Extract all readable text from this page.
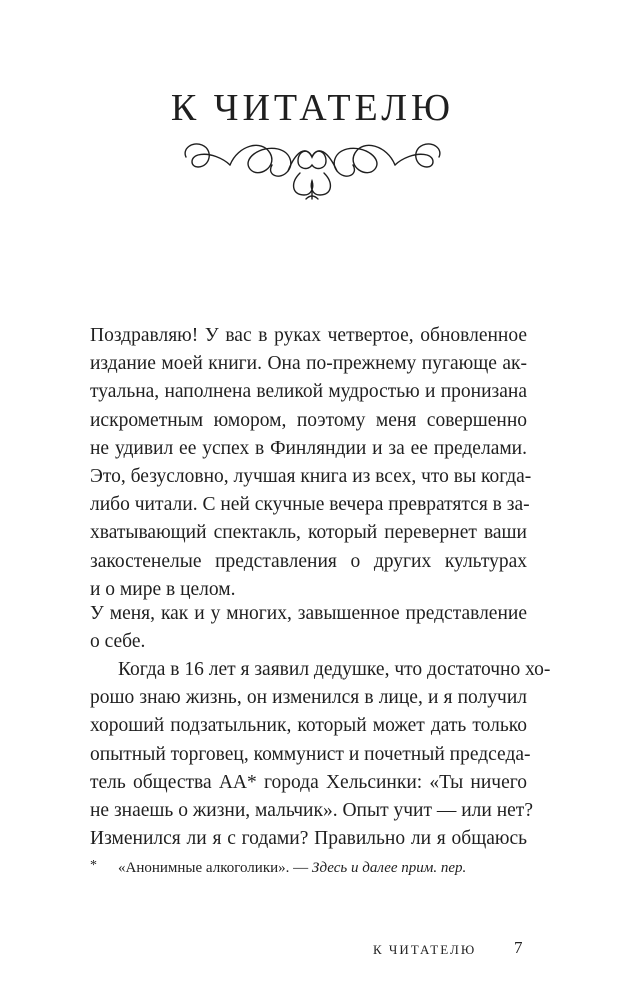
К ЧИТАТЕЛЮ
Поздравляю! У вас в руках четвертое, обновленное
издание моей книги. Она по-прежнему пугающе ак-
туальна, наполнена великой мудростью и пронизана
искрометным юмором, поэтому меня совершенно
не удивил ее успех в Финляндии и за ее пределами.
Это, безусловно, лучшая книга из всех, что вы когда-
либо читали. С ней скучные вечера превратятся в за-
хватывающий спектакль, который перевернет ваши
закостенелые представления о других культурах
и о мире в целом.
У меня, как и у многих, завышенное представление
о себе.
Когда в 16 лет я заявил дедушке, что достаточно хо-
рошо знаю жизнь, он изменился в лице, и я получил
хороший подзатыльник, который может дать только
опытный торговец, коммунист и почетный председа-
тель общества АА* города Хельсинки: «Ты ничего
не знаешь о жизни, мальчик». Опыт учит — или нет?
Изменился ли я с годами? Правильно ли я общаюсь
* «Анонимные алкоголики». — Здесь и далее прим. пер.
К ЧИТАТЕЛЮ 7
